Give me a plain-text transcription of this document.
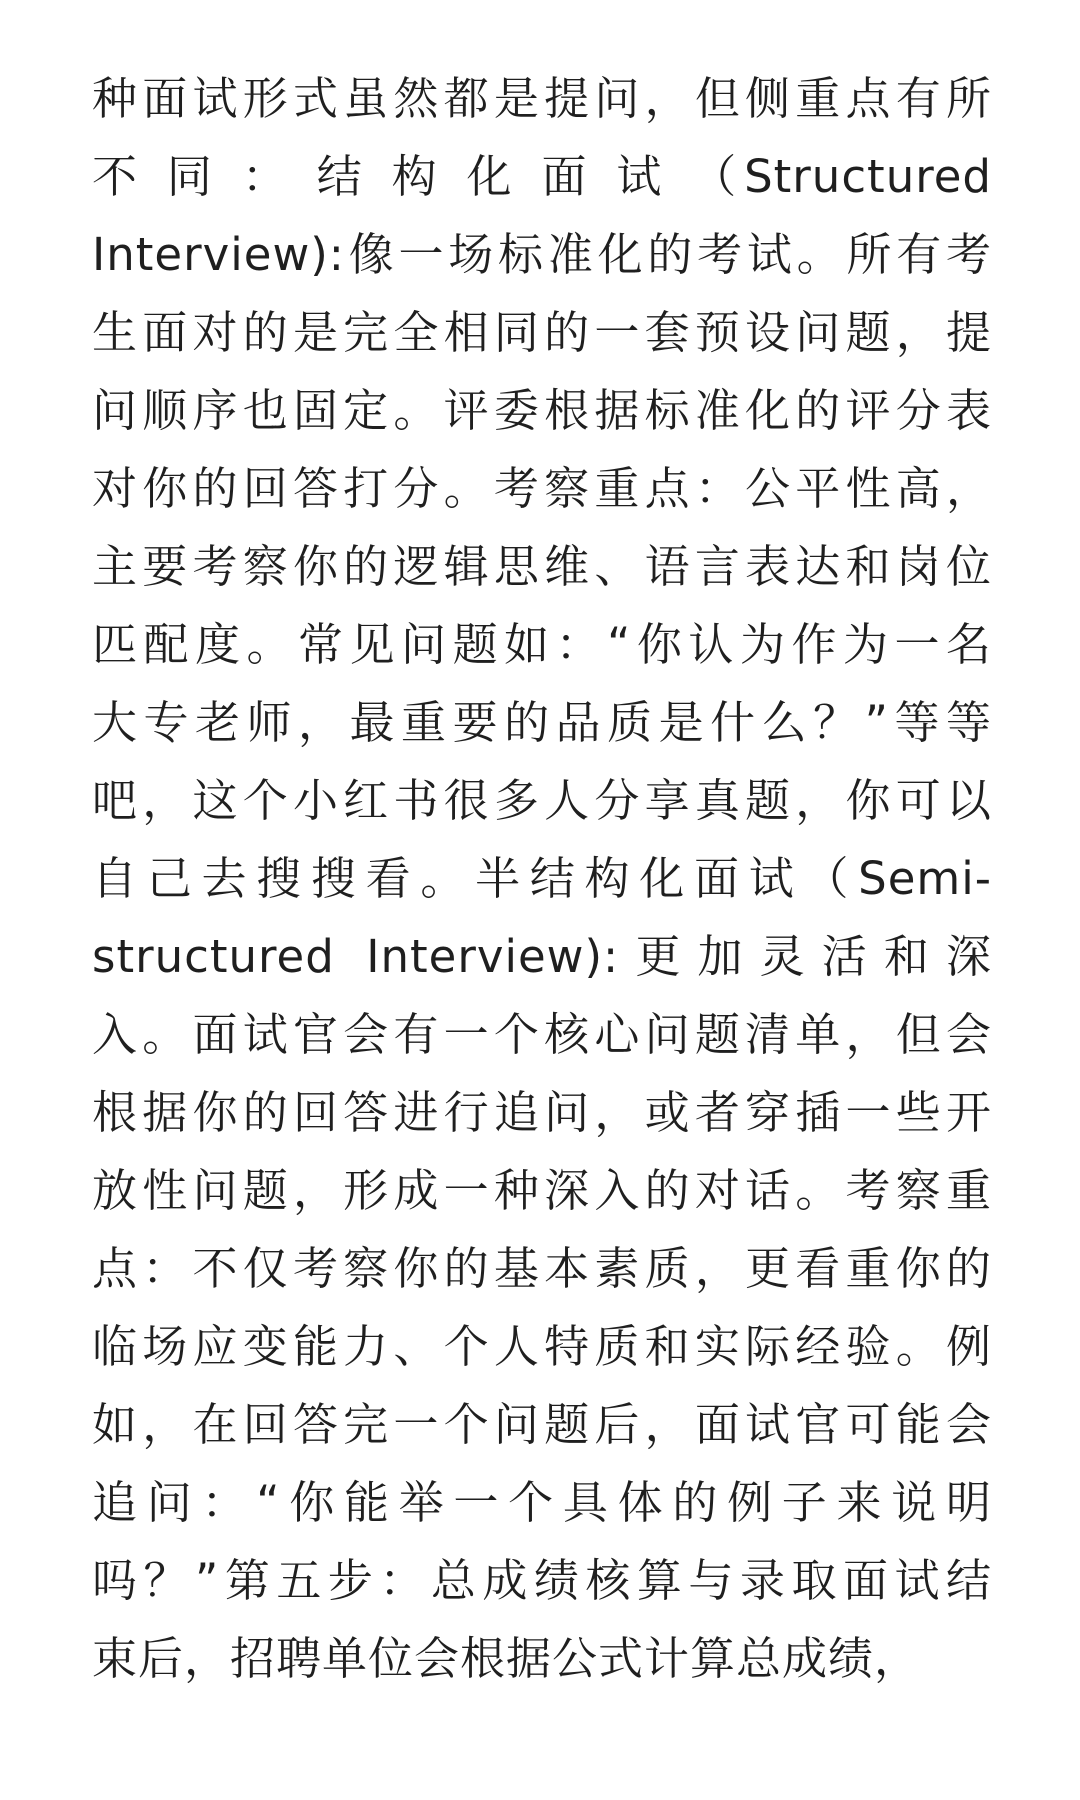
种面试形式虽然都是提问，但侧重点有所
不 同 ： 结 构 化 面 试 （Structured
Interview):像一场标准化的考试。所有考
生面对的是完全相同的一套预设问题，提
问顺序也固定。评委根据标准化的评分表
对你的回答打分。考察重点：公平性高，
主要考察你的逻辑思维、语言表达和岗位
匹配度。常见问题如：“你认为作为一名
大专老师，最重要的品质是什么？”等等
吧，这个小红书很多人分享真题，你可以
自己去搜搜看。半结构化面试（Semi-
structured Interview):更加灵活和深
入。面试官会有一个核心问题清单，但会
根据你的回答进行追问，或者穿插一些开
放性问题，形成一种深入的对话。考察重
点：不仅考察你的基本素质，更看重你的
临场应变能力、个人特质和实际经验。例
如，在回答完一个问题后，面试官可能会
追问：“你能举一个具体的例子来说明
吗？”第五步：总成绩核算与录取面试结
束后，招聘单位会根据公式计算总成绩，
